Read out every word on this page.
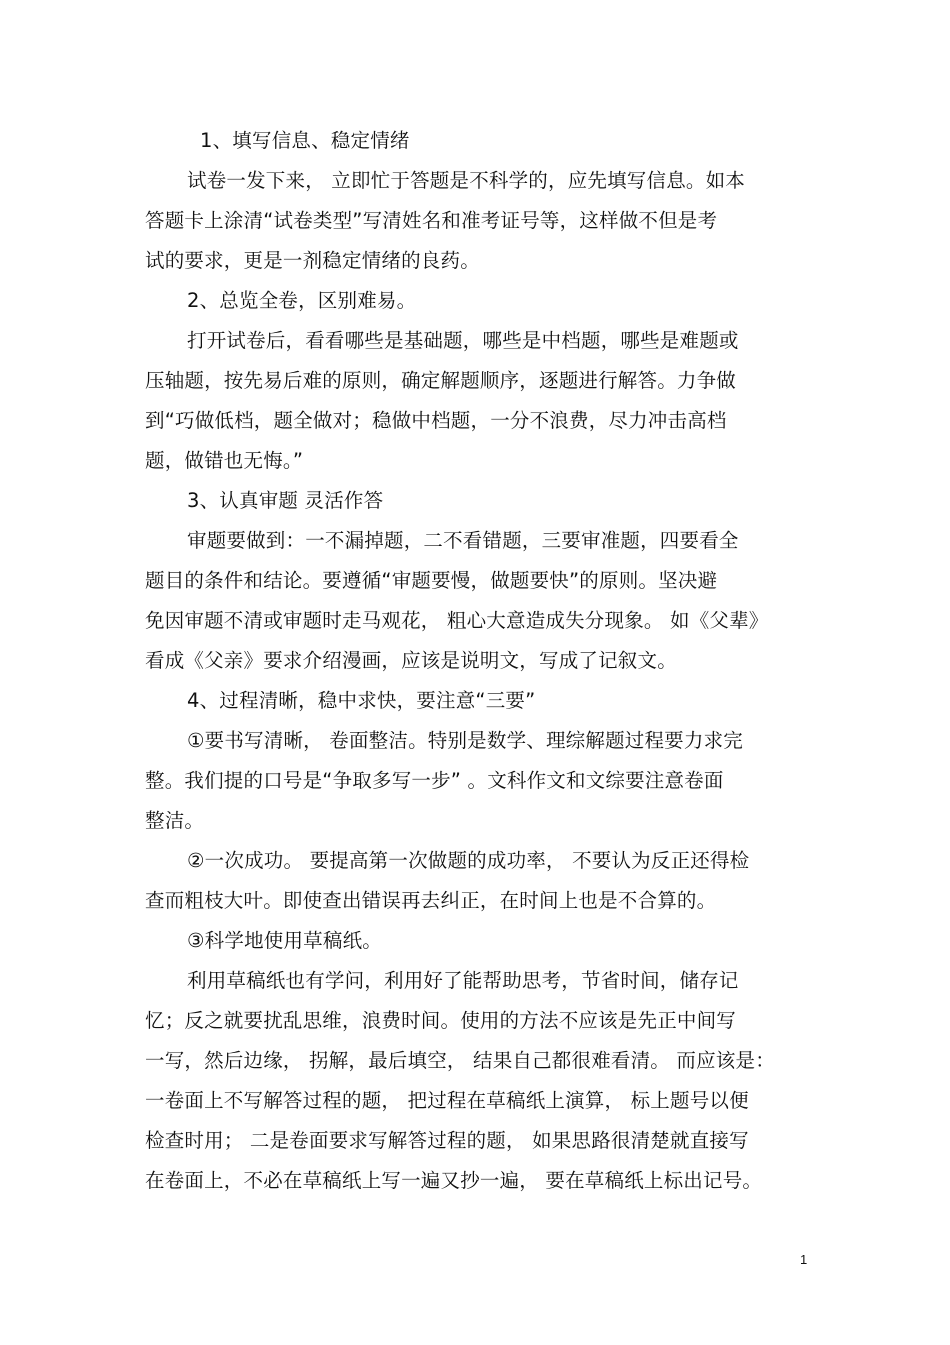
1、填写信息、稳定情绪
试卷一发下来， 立即忙于答题是不科学的，应先填写信息。如本
答题卡上涂清“试卷类型”写清姓名和准考证号等，这样做不但是考
试的要求，更是一剂稳定情绪的良药。
2、总览全卷，区别难易。
打开试卷后，看看哪些是基础题，哪些是中档题，哪些是难题或
压轴题，按先易后难的原则，确定解题顺序，逐题进行解答。力争做
到“巧做低档，题全做对；稳做中档题，一分不浪费，尽力冲击高档
题，做错也无悔。”
3、认真审题 灵活作答
审题要做到：一不漏掉题，二不看错题，三要审准题，四要看全
题目的条件和结论。要遵循“审题要慢，做题要快”的原则。坚决避
免因审题不清或审题时走马观花， 粗心大意造成失分现象。 如《父辈》
看成《父亲》要求介绍漫画，应该是说明文，写成了记叙文。
4、过程清晰，稳中求快，要注意“三要”
①要书写清晰， 卷面整洁。特别是数学、理综解题过程要力求完
整。我们提的口号是“争取多写一步” 。文科作文和文综要注意卷面
整洁。
②一次成功。 要提高第一次做题的成功率， 不要认为反正还得检
查而粗枝大叶。即使查出错误再去纠正，在时间上也是不合算的。
③科学地使用草稿纸。
利用草稿纸也有学问，利用好了能帮助思考，节省时间，储存记
忆；反之就要扰乱思维，浪费时间。使用的方法不应该是先正中间写
一写，然后边缘， 拐解，最后填空， 结果自己都很难看清。 而应该是：
一卷面上不写解答过程的题， 把过程在草稿纸上演算， 标上题号以便
检查时用； 二是卷面要求写解答过程的题， 如果思路很清楚就直接写
在卷面上，不必在草稿纸上写一遍又抄一遍， 要在草稿纸上标出记号。
1
